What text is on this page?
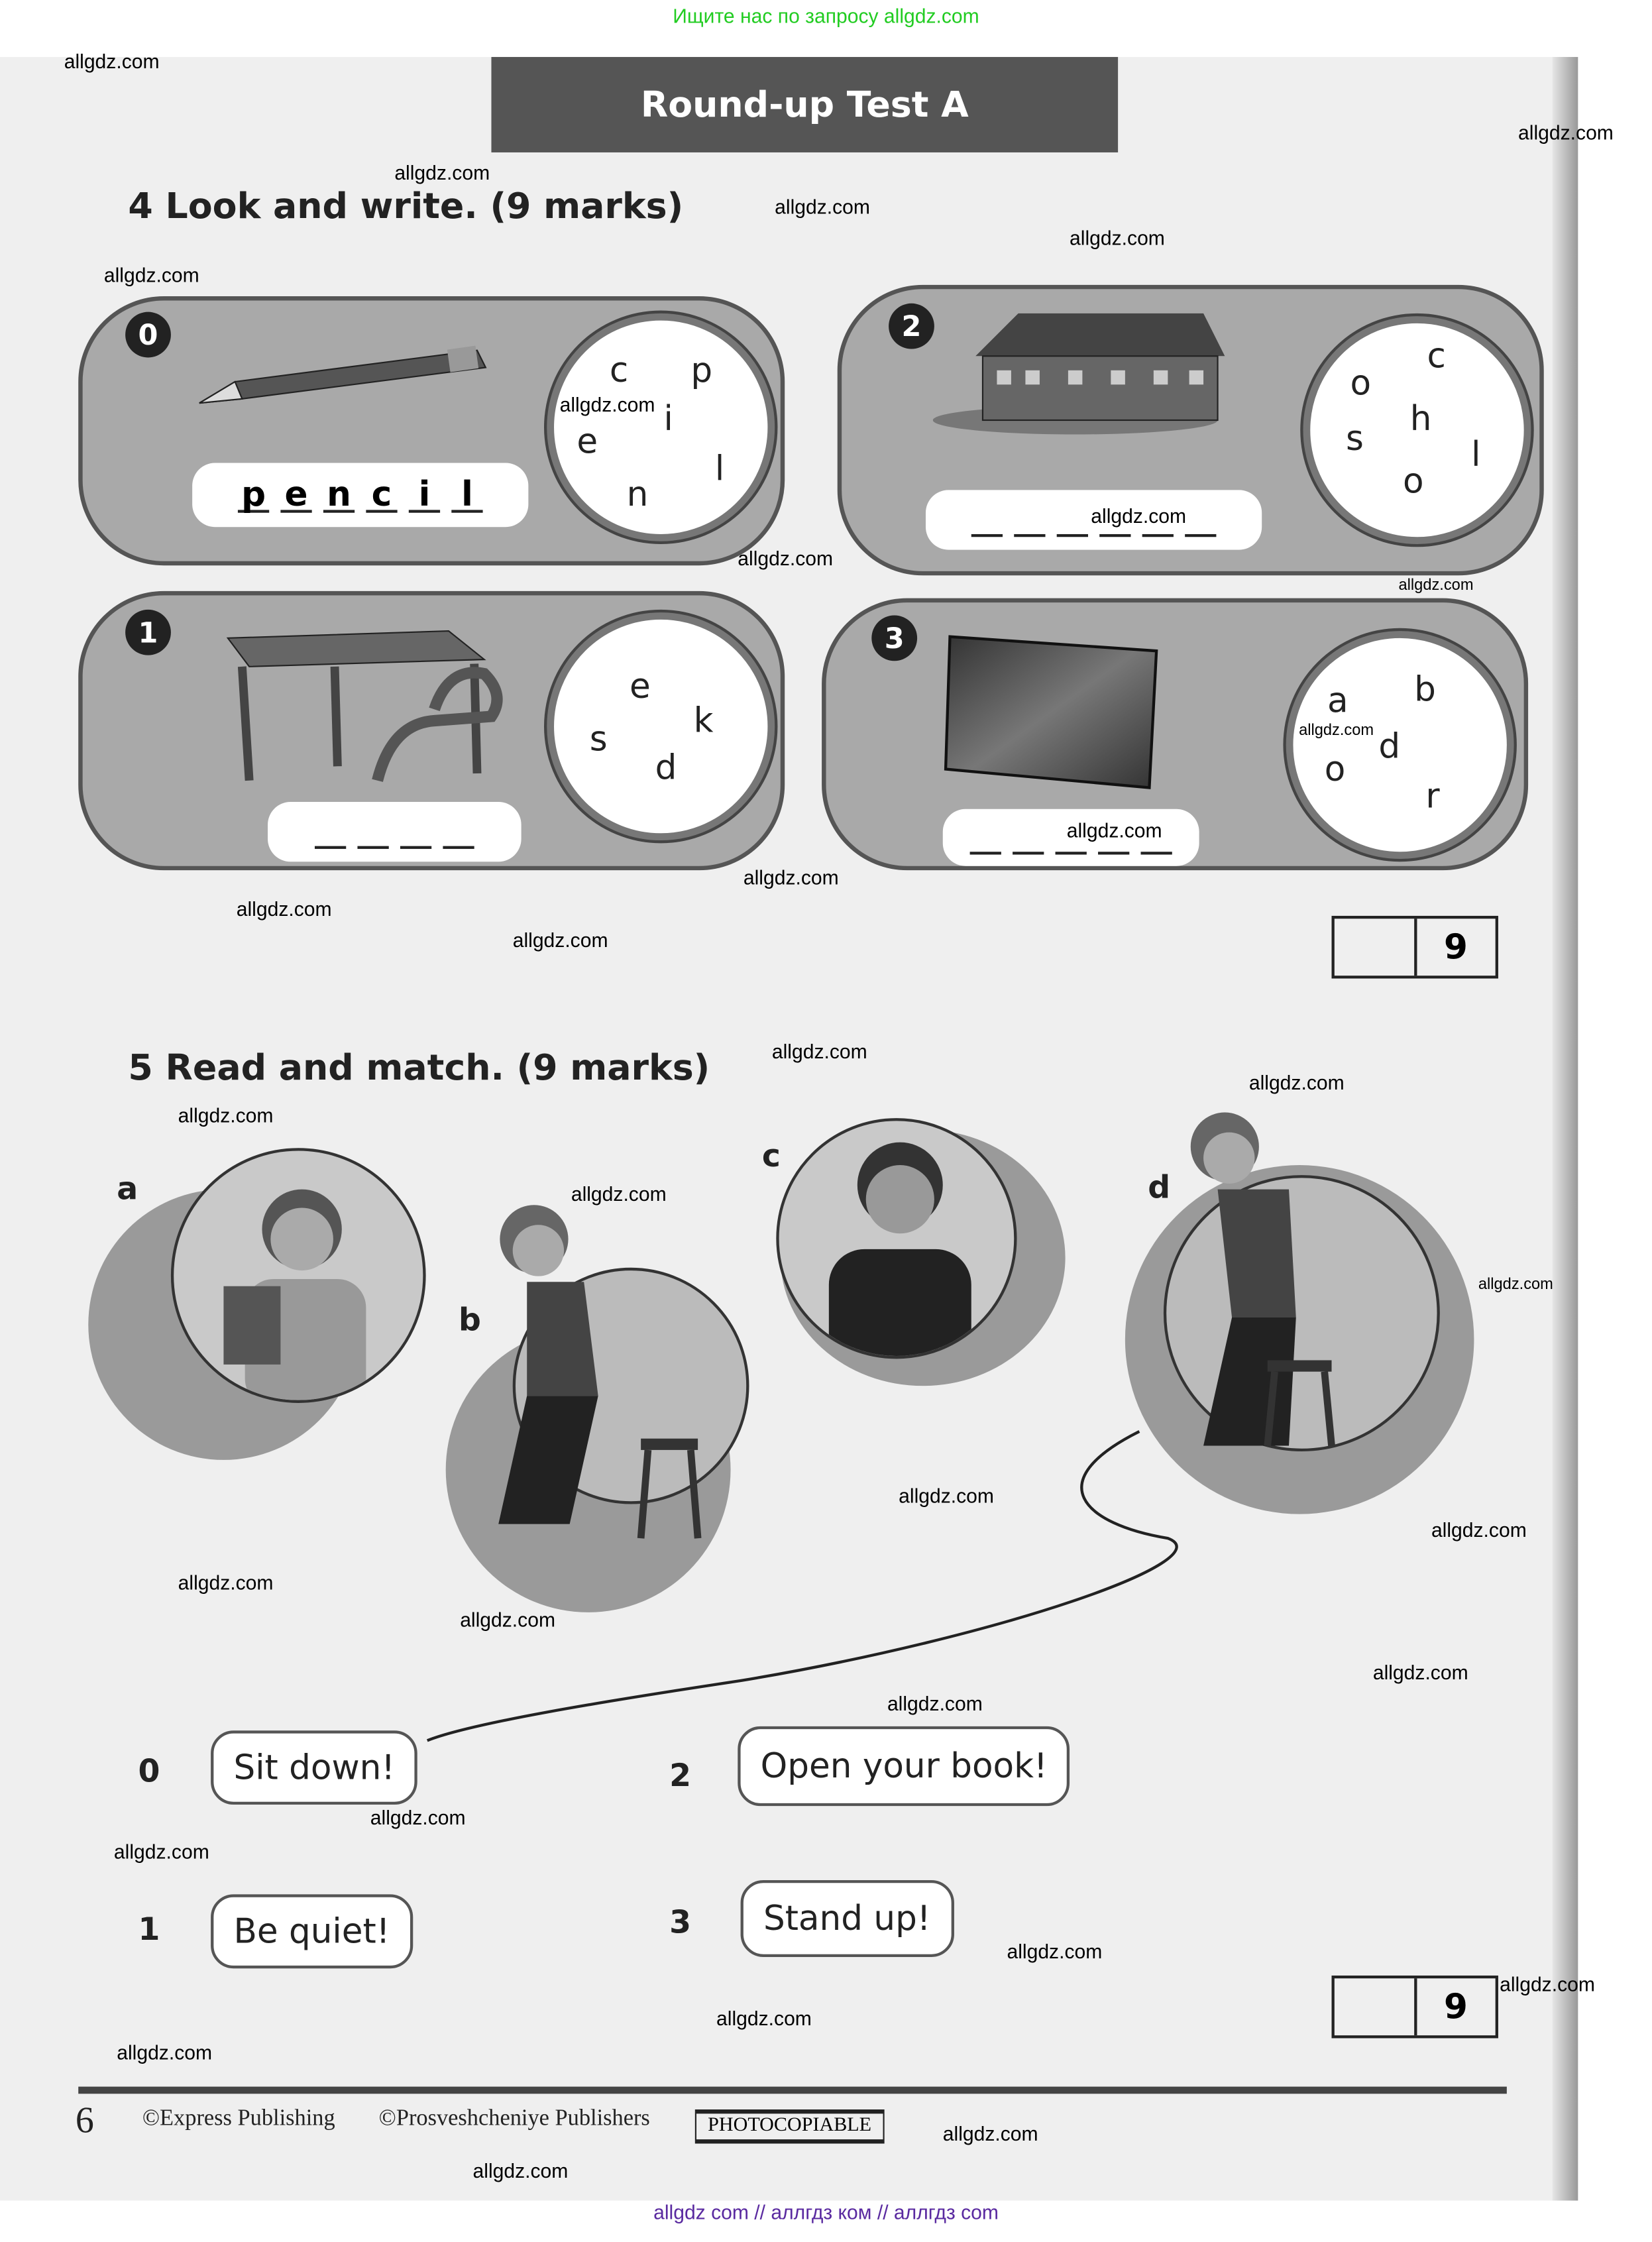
Ищите нас по запросу allgdz.com
Round-up Test A
4 Look and write. (9 marks)
0
c	p
i
e
l
n
p e n	c	i	l
2
c
o
h
s	l
o
1
e
s	k
d
3
a	b
d
o
r
9
5 Read and match. (9 marks)
a
b
c
d
0	Sit down!
1	Be quiet!
2	Open your book!
3	Stand up!
9
6	©Express Publishing	©Prosveshcheniye Publishers	PHOTOCOPIABLE
allgdz.com
allgdz.com
allgdz.com
allgdz.com
allgdz.com
allgdz.com
allgdz.com
allgdz.com
allgdz.com
allgdz.com
allgdz.com
allgdz.com
allgdz.com
allgdz.com
allgdz.com
allgdz.com
allgdz.com
allgdz.com
allgdz.com
allgdz.com
allgdz.com
allgdz.com
allgdz.com
allgdz.com
allgdz.com
allgdz.com
allgdz.com
allgdz.com
allgdz.com
allgdz.com
allgdz.com
allgdz.com
allgdz.com
allgdz.com
allgdz com // аллгдз ком // аллгдз com
